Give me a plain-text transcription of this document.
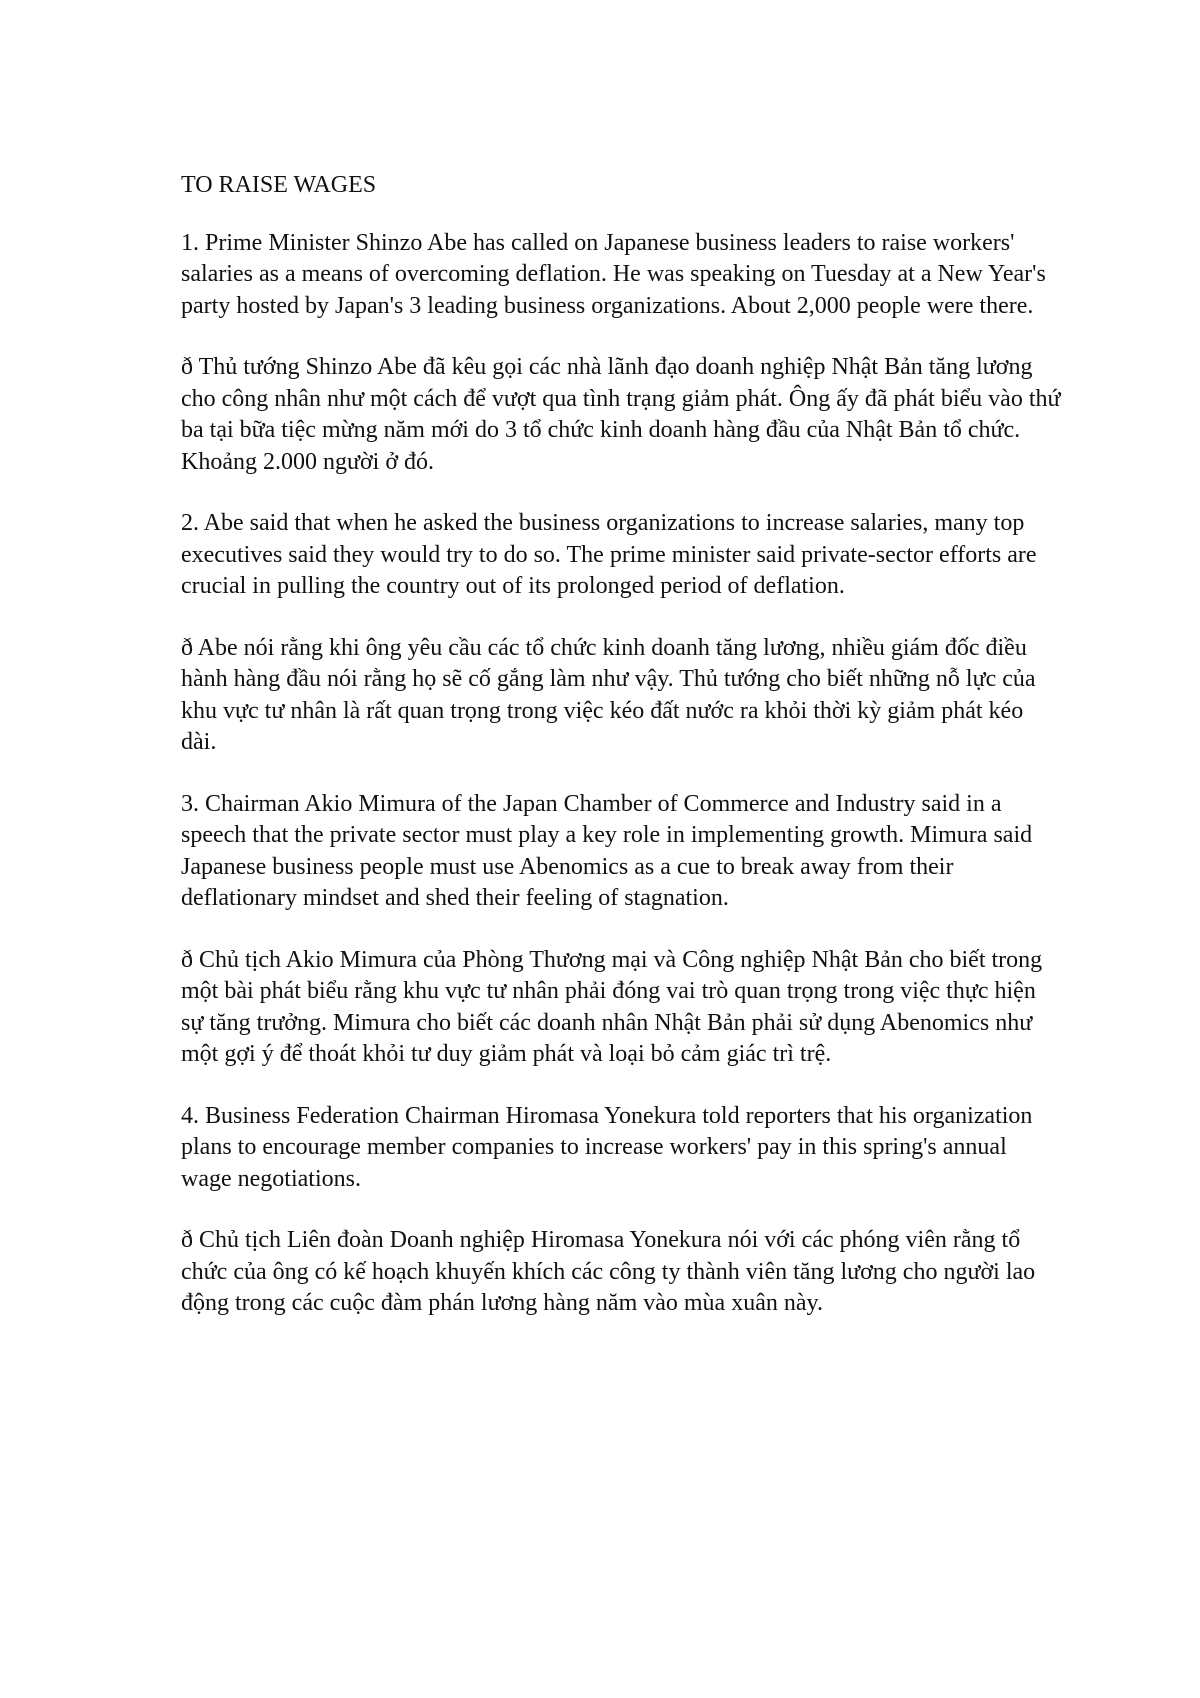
TO RAISE WAGES

1. Prime Minister Shinzo Abe has called on Japanese business leaders to raise workers' salaries as a means of overcoming deflation. He was speaking on Tuesday at a New Year's party hosted by Japan's 3 leading business organizations. About 2,000 people were there.

ð Thủ tướng Shinzo Abe đã kêu gọi các nhà lãnh đạo doanh nghiệp Nhật Bản tăng lương cho công nhân như một cách để vượt qua tình trạng giảm phát. Ông ấy đã phát biểu vào thứ ba tại bữa tiệc mừng năm mới do 3 tổ chức kinh doanh hàng đầu của Nhật Bản tổ chức. Khoảng 2.000 người ở đó.

2. Abe said that when he asked the business organizations to increase salaries, many top executives said they would try to do so. The prime minister said private-sector efforts are crucial in pulling the country out of its prolonged period of deflation.

ð Abe nói rằng khi ông yêu cầu các tổ chức kinh doanh tăng lương, nhiều giám đốc điều hành hàng đầu nói rằng họ sẽ cố gắng làm như vậy. Thủ tướng cho biết những nỗ lực của khu vực tư nhân là rất quan trọng trong việc kéo đất nước ra khỏi thời kỳ giảm phát kéo dài.

3. Chairman Akio Mimura of the Japan Chamber of Commerce and Industry said in a speech that the private sector must play a key role in implementing growth. Mimura said Japanese business people must use Abenomics as a cue to break away from their deflationary mindset and shed their feeling of stagnation.

ð Chủ tịch Akio Mimura của Phòng Thương mại và Công nghiệp Nhật Bản cho biết trong một bài phát biểu rằng khu vực tư nhân phải đóng vai trò quan trọng trong việc thực hiện sự tăng trưởng. Mimura cho biết các doanh nhân Nhật Bản phải sử dụng Abenomics như một gợi ý để thoát khỏi tư duy giảm phát và loại bỏ cảm giác trì trệ.

4. Business Federation Chairman Hiromasa Yonekura told reporters that his organization plans to encourage member companies to increase workers' pay in this spring's annual wage negotiations.

ð Chủ tịch Liên đoàn Doanh nghiệp Hiromasa Yonekura nói với các phóng viên rằng tổ chức của ông có kế hoạch khuyến khích các công ty thành viên tăng lương cho người lao động trong các cuộc đàm phán lương hàng năm vào mùa xuân này.
